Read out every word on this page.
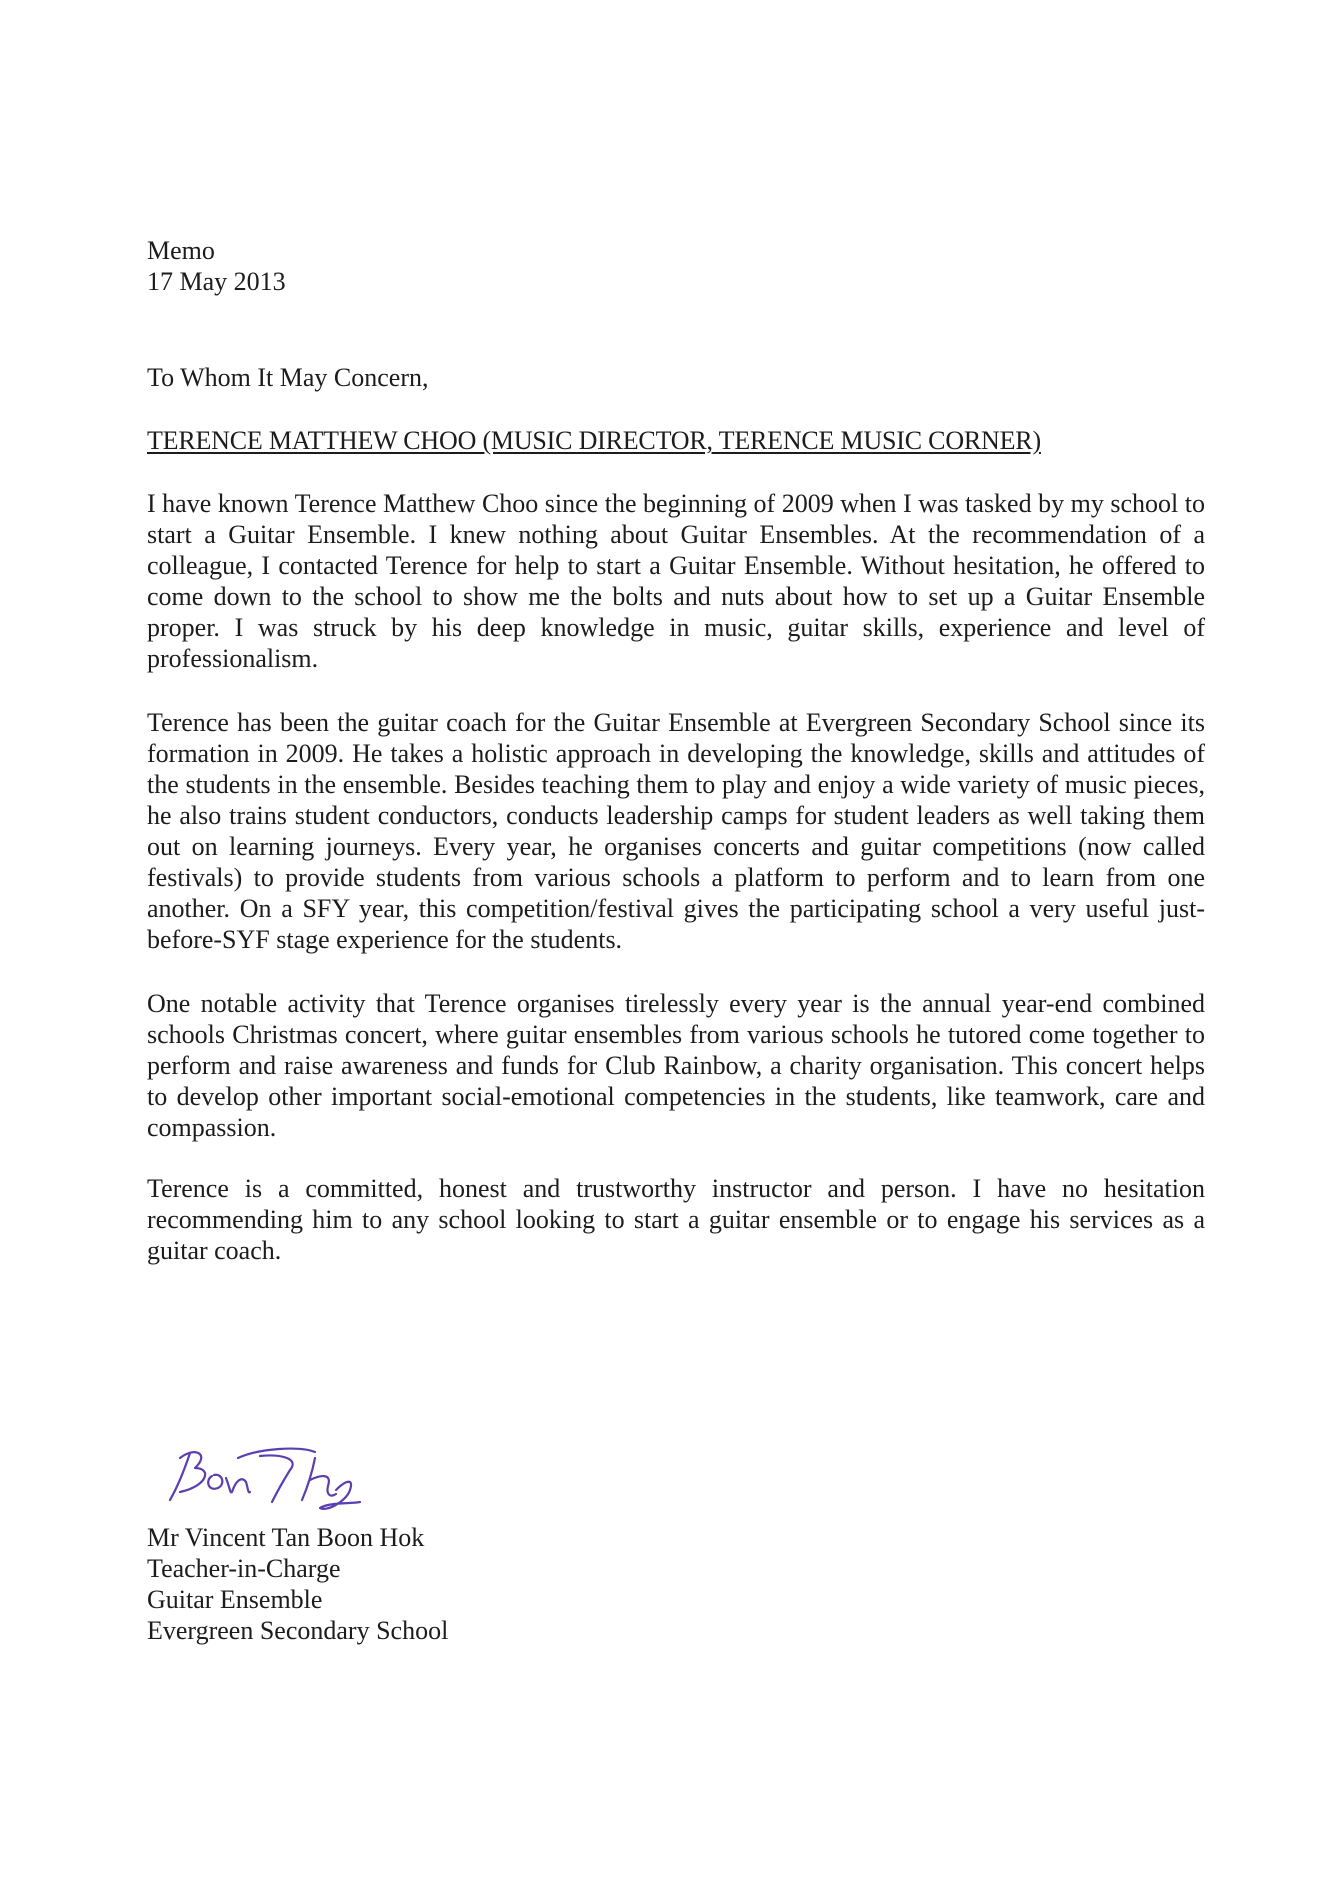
Memo
17 May 2013
To Whom It May Concern,
TERENCE MATTHEW CHOO (MUSIC DIRECTOR, TERENCE MUSIC CORNER)

I have known Terence Matthew Choo since the beginning of 2009 when I was tasked by my school to start a Guitar Ensemble. I knew nothing about Guitar Ensembles. At the recommendation of a colleague, I contacted Terence for help to start a Guitar Ensemble. Without hesitation, he offered to come down to the school to show me the bolts and nuts about how to set up a Guitar Ensemble proper. I was struck by his deep knowledge in music, guitar skills, experience and level of professionalism.

Terence has been the guitar coach for the Guitar Ensemble at Evergreen Secondary School since its formation in 2009. He takes a holistic approach in developing the knowledge, skills and attitudes of the students in the ensemble. Besides teaching them to play and enjoy a wide variety of music pieces, he also trains student conductors, conducts leadership camps for student leaders as well taking them out on learning journeys. Every year, he organises concerts and guitar competitions (now called festivals) to provide students from various schools a platform to perform and to learn from one another. On a SFY year, this competition/festival gives the participating school a very useful just-before-SYF stage experience for the students.

One notable activity that Terence organises tirelessly every year is the annual year-end combined schools Christmas concert, where guitar ensembles from various schools he tutored come together to perform and raise awareness and funds for Club Rainbow, a charity organisation. This concert helps to develop other important social-emotional competencies in the students, like teamwork, care and compassion.

Terence is a committed, honest and trustworthy instructor and person. I have no hesitation recommending him to any school looking to start a guitar ensemble or to engage his services as a guitar coach.

Mr Vincent Tan Boon Hok
Teacher-in-Charge
Guitar Ensemble
Evergreen Secondary School
